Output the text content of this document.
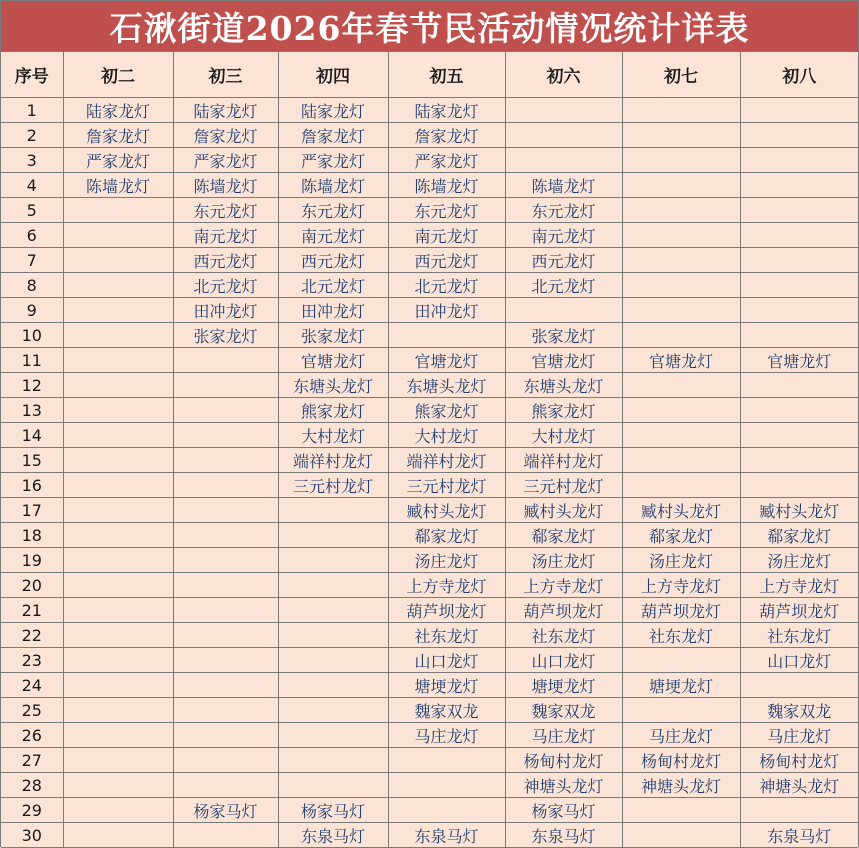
石湫街道2026年春节民活动情况统计详表
序号	初二	初三	初四	初五	初六	初七	初八
1	陆家龙灯	陆家龙灯	陆家龙灯	陆家龙灯			
2	詹家龙灯	詹家龙灯	詹家龙灯	詹家龙灯			
3	严家龙灯	严家龙灯	严家龙灯	严家龙灯			
4	陈墙龙灯	陈墙龙灯	陈墙龙灯	陈墙龙灯	陈墙龙灯		
5		东元龙灯	东元龙灯	东元龙灯	东元龙灯		
6		南元龙灯	南元龙灯	南元龙灯	南元龙灯		
7		西元龙灯	西元龙灯	西元龙灯	西元龙灯		
8		北元龙灯	北元龙灯	北元龙灯	北元龙灯		
9		田冲龙灯	田冲龙灯	田冲龙灯			
10		张家龙灯	张家龙灯		张家龙灯		
11			官塘龙灯	官塘龙灯	官塘龙灯	官塘龙灯	官塘龙灯
12			东塘头龙灯	东塘头龙灯	东塘头龙灯		
13			熊家龙灯	熊家龙灯	熊家龙灯		
14			大村龙灯	大村龙灯	大村龙灯		
15			端祥村龙灯	端祥村龙灯	端祥村龙灯		
16			三元村龙灯	三元村龙灯	三元村龙灯		
17				臧村头龙灯	臧村头龙灯	臧村头龙灯	臧村头龙灯
18				郗家龙灯	郗家龙灯	郗家龙灯	郗家龙灯
19				汤庄龙灯	汤庄龙灯	汤庄龙灯	汤庄龙灯
20				上方寺龙灯	上方寺龙灯	上方寺龙灯	上方寺龙灯
21				葫芦坝龙灯	葫芦坝龙灯	葫芦坝龙灯	葫芦坝龙灯
22				社东龙灯	社东龙灯	社东龙灯	社东龙灯
23				山口龙灯	山口龙灯		山口龙灯
24				塘埂龙灯	塘埂龙灯	塘埂龙灯	
25				魏家双龙	魏家双龙		魏家双龙
26				马庄龙灯	马庄龙灯	马庄龙灯	马庄龙灯
27					杨甸村龙灯	杨甸村龙灯	杨甸村龙灯
28					神塘头龙灯	神塘头龙灯	神塘头龙灯
29		杨家马灯	杨家马灯		杨家马灯		
30			东泉马灯	东泉马灯	东泉马灯		东泉马灯
